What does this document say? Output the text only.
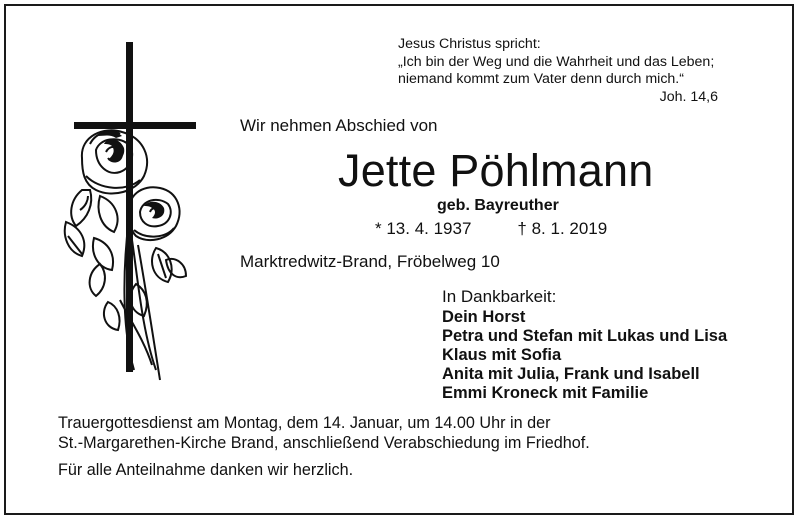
Jesus Christus spricht:
„Ich bin der Weg und die Wahrheit und das Leben;
niemand kommt zum Vater denn durch mich.“
Joh. 14,6
Wir nehmen Abschied von
Jette Pöhlmann
geb. Bayreuther
* 13. 4. 1937	† 8. 1. 2019
Marktredwitz-Brand, Fröbelweg 10
In Dankbarkeit:
Dein Horst
Petra und Stefan mit Lukas und Lisa
Klaus mit Sofia
Anita mit Julia, Frank und Isabell
Emmi Kroneck mit Familie
Trauergottesdienst am Montag, dem 14. Januar, um 14.00 Uhr in der
St.-Margarethen-Kirche Brand, anschließend Verabschiedung im Friedhof.
Für alle Anteilnahme danken wir herzlich.
